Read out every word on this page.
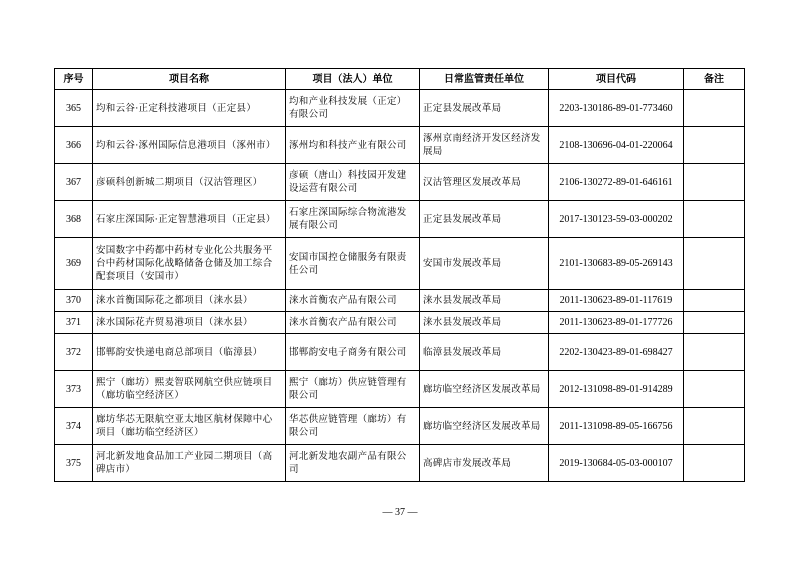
序号	项目名称	项目（法人）单位	日常监管责任单位	项目代码	备注
365	均和云谷·正定科技港项目（正定县）	均和产业科技发展（正定）有限公司	正定县发展改革局	2203-130186-89-01-773460	
366	均和云谷·涿州国际信息港项目（涿州市）	涿州均和科技产业有限公司	涿州京南经济开发区经济发展局	2108-130696-04-01-220064	
367	彦硕科创新城二期项目（汉沽管理区）	彦硕（唐山）科技园开发建设运营有限公司	汉沽管理区发展改革局	2106-130272-89-01-646161	
368	石家庄深国际·正定智慧港项目（正定县）	石家庄深国际综合物流港发展有限公司	正定县发展改革局	2017-130123-59-03-000202	
369	安国数字中药都中药材专业化公共服务平台中药材国际化战略储备仓储及加工综合配套项目（安国市）	安国市国控仓储服务有限责任公司	安国市发展改革局	2101-130683-89-05-269143	
370	涞水首衡国际花之都项目（涞水县）	涞水首衡农产品有限公司	涞水县发展改革局	2011-130623-89-01-117619	
371	涞水国际花卉贸易港项目（涞水县）	涞水首衡农产品有限公司	涞水县发展改革局	2011-130623-89-01-177726	
372	邯郸韵安快递电商总部项目（临漳县）	邯郸韵安电子商务有限公司	临漳县发展改革局	2202-130423-89-01-698427	
373	熙宁（廊坊）熙麦智联网航空供应链项目（廊坊临空经济区）	熙宁（廊坊）供应链管理有限公司	廊坊临空经济区发展改革局	2012-131098-89-01-914289	
374	廊坊华芯无限航空亚太地区航材保障中心项目（廊坊临空经济区）	华芯供应链管理（廊坊）有限公司	廊坊临空经济区发展改革局	2011-131098-89-05-166756	
375	河北新发地食品加工产业园二期项目（高碑店市）	河北新发地农副产品有限公司	高碑店市发展改革局	2019-130684-05-03-000107	
— 37 —
